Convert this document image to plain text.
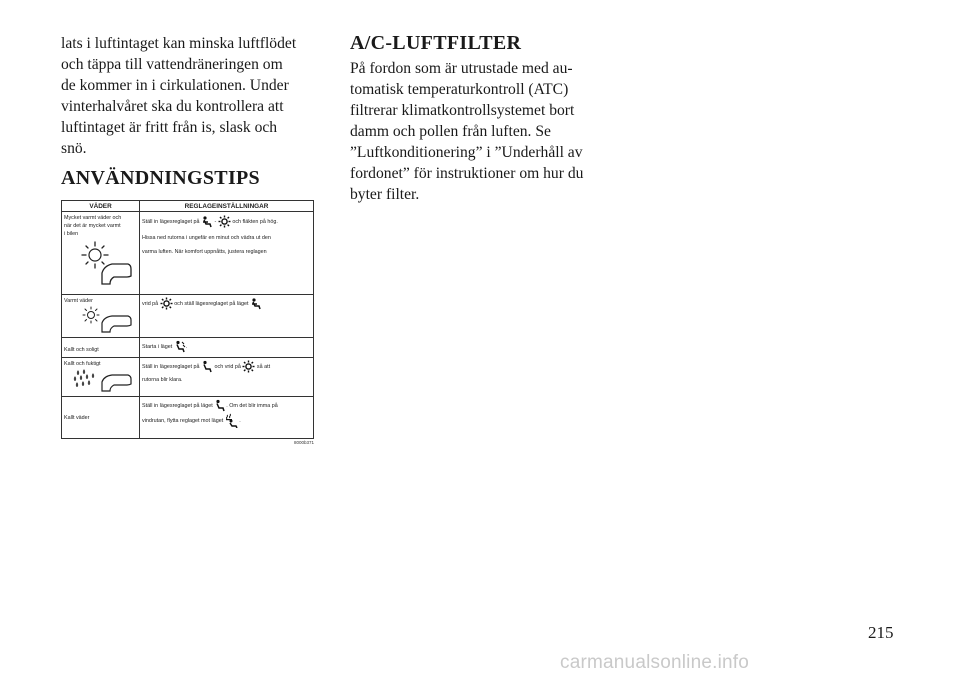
lats i luftintaget kan minska luftflödet
och täppa till vattendräneringen om
de kommer in i cirkulationen. Under
vinterhalvåret ska du kontrollera att
luftintaget är fritt från is, slask och
snö.

ANVÄNDNINGSTIPS
VÄDER	REGLAGEINSTÄLLNINGAR

Mycket varmt väder och när det är mycket varmt i bilen	Ställ in lägesreglaget på - och fläkten på hög.
Hissa ned rutorna i ungefär en minut och vädra ut den
varma luften. När komfort uppnåtts, justera reglagen

Varmt väder	vrid på och ställ lägesreglaget på läget

Kallt och soligt	Starta i läget .

Kallt och fuktigt	Ställ in lägesreglaget på och vrid på så att
rutorna blir klara.

Kallt väder	Ställ in lägesreglaget på läget . Om det blir imma på
vindrutan, flytta reglaget mot läget .
8000b371
A/C-LUFTFILTER

På fordon som är utrustade med au-
tomatisk temperaturkontroll (ATC)
filtrerar klimatkontrollsystemet bort
damm och pollen från luften. Se
”Luftkonditionering” i ”Underhåll av
fordonet” för instruktioner om hur du
byter filter.

215
carmanualsonline.info
